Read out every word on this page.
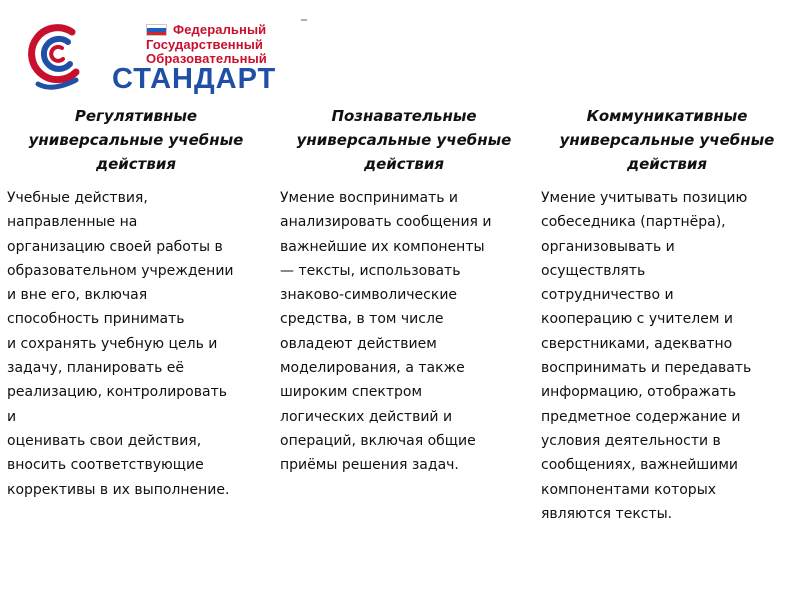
Федеральный
Государственный
Образовательный
СТАНДАРТ
Регулятивные универсальные учебные действия
Учебные действия,
направленные на
организацию своей работы в
образовательном учреждении
и вне его, включая
способность принимать
и сохранять учебную цель и
задачу, планировать её
реализацию, контролировать
и
оценивать свои действия,
вносить соответствующие
коррективы в их выполнение.
Познавательные универсальные учебные действия
Умение воспринимать и
анализировать сообщения и
важнейшие их компоненты
— тексты, использовать
знаково-символические
средства, в том числе
овладеют действием
моделирования, а также
широким спектром
логических действий и
операций, включая общие
приёмы решения задач.
Коммуникативные универсальные учебные действия
Умение учитывать позицию
собеседника (партнёра),
организовывать и
осуществлять
сотрудничество и
кооперацию с учителем и
сверстниками, адекватно
воспринимать и передавать
информацию, отображать
предметное содержание и
условия деятельности в
сообщениях, важнейшими
компонентами которых
являются тексты.
